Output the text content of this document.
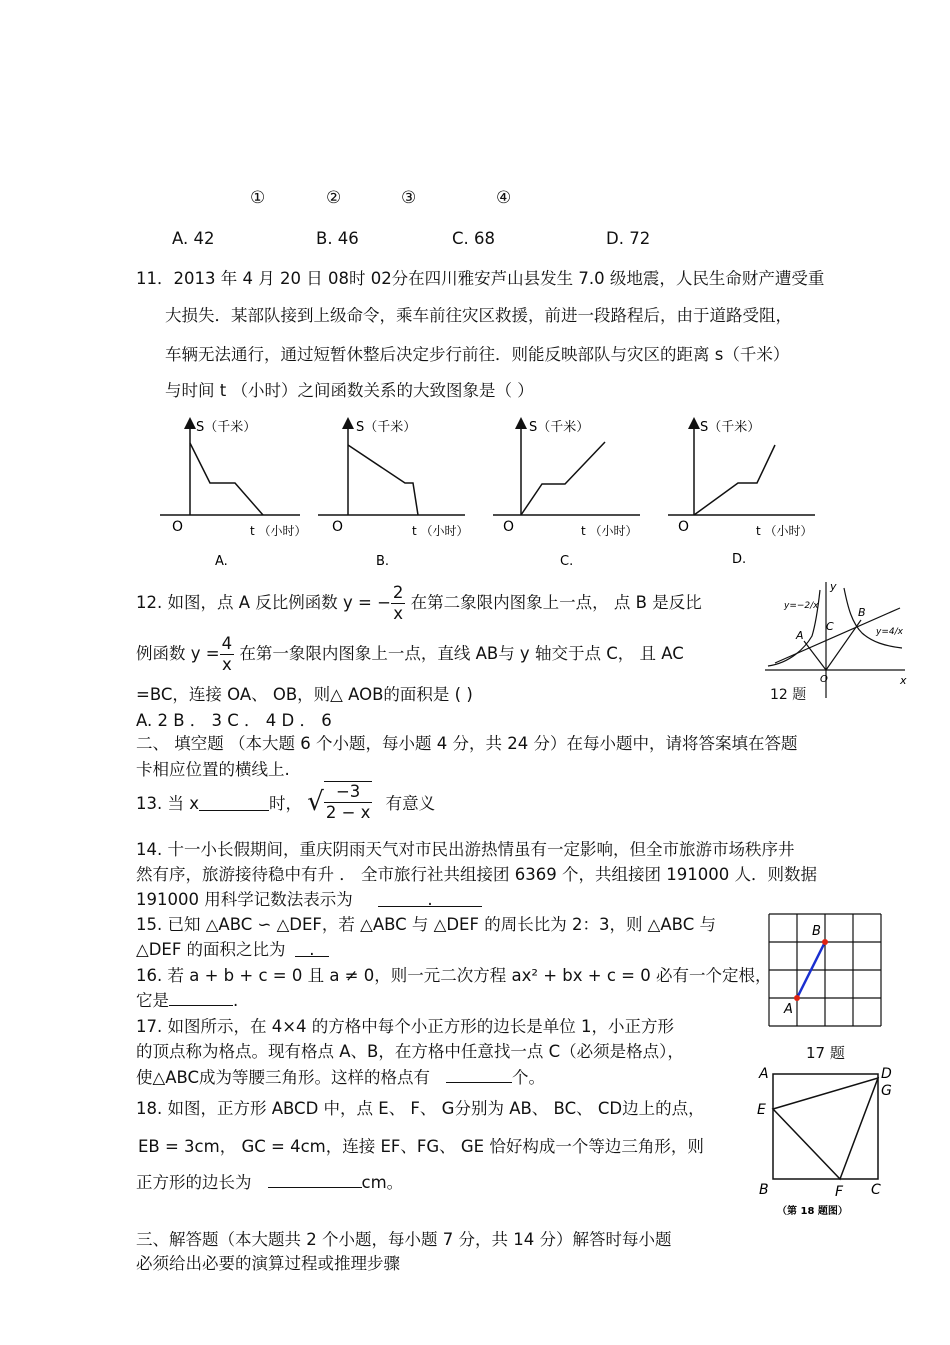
①	②	③	④
A. 42	B. 46	C. 68	D. 72
11．2013 年 4 月 20 日 08时 02分在四川雅安芦山县发生 7.0 级地震，人民生命财产遭受重
大损失．某部队接到上级命令，乘车前往灾区救援，前进一段路程后，由于道路受阻，
车辆无法通行，通过短暂休整后决定步行前往．则能反映部队与灾区的距离 s（千米）
与时间 t （小时）之间函数关系的大致图象是（ ）
S（千米）
O	t （小时）
A.
S（千米）
O	t （小时）
B.
S（千米）
O	t （小时）
C.
S（千米）
O	t （小时）
D.
12. 如图，点 A 反比例函数 y = − $\frac{2}{x}$ 在第二象限内图象上一点， 点 B 是反比
例函数 $y = \frac{4}{x}$ 在第一象限内图象上一点，直线 AB与 y 轴交于点 C， 且 AC
=BC，连接 OA、 OB，则△ AOB的面积是 ( )
A. 2 B ． 3 C ． 4 D ． 6
y
x
O
A
B
C
y=−2/x
y=4/x
12 题
二、 填空题 （本大题 6 个小题，每小题 4 分，共 24 分）在每小题中，请将答案填在答题
卡相应位置的横线上.
13. 当 x	时， √ $\frac{-3}{2 - x}$ 有意义
14. 十一小长假期间，重庆阴雨天气对市民出游热情虽有一定影响，但全市旅游市场秩序井
然有序，旅游接待稳中有升 ． 全市旅行社共组接团 6369 个，共组接团 191000 人．则数据
191000 用科学记数法表示为	.
15. 已知 △ABC ∽ △DEF，若 △ABC 与 △DEF 的周长比为 2：3，则 △ABC 与
△DEF 的面积之比为 .
16. 若 a + b + c = 0 且 a ≠ 0，则一元二次方程 ax² + bx + c = 0 必有一个定根，
它是	.	A
B
17 题
17. 如图所示，在 4×4 的方格中每个小正方形的边长是单位 1，小正方形
的顶点称为格点。现有格点 A、B，在方格中任意找一点 C（必须是格点），
使△ABC成为等腰三角形。这样的格点有	个。
18. 如图，正方形 ABCD 中，点 E、 F、 G分别为 AB、 BC、 CD边上的点，
EB = 3cm， GC = 4cm，连接 EF、FG、 GE 恰好构成一个等边三角形，则
正方形的边长为	cm。
A	D
G
E
B	F C
（第 18 题图）
三、解答题（本大题共 2 个小题，每小题 7 分，共 14 分）解答时每小题
必须给出必要的演算过程或推理步骤
